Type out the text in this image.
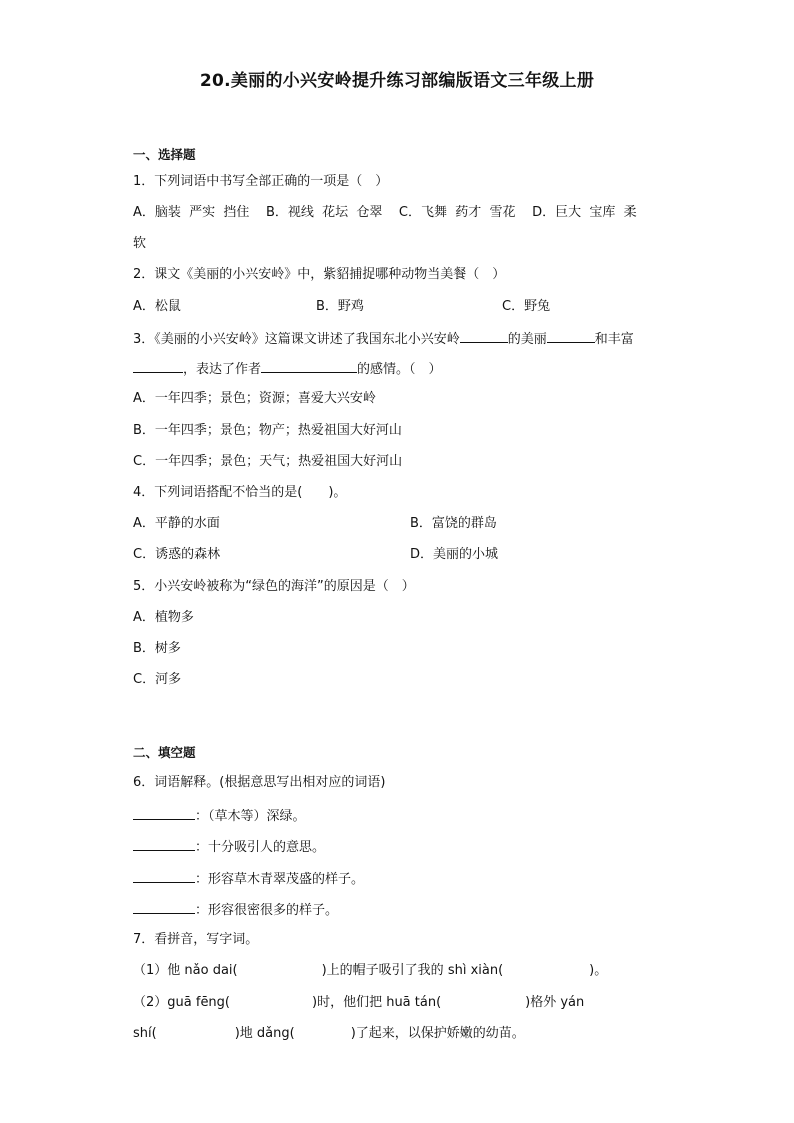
20.美丽的小兴安岭提升练习部编版语文三年级上册
一、选择题
1．下列词语中书写全部正确的一项是（　）
A．脑装  严实  挡住    B．视线  花坛  仓翠    C．飞舞  药才  雪花    D．巨大  宝库  柔
软
2．课文《美丽的小兴安岭》中，紫貂捕捉哪种动物当美餐（　）
A．松鼠	B．野鸡	C．野兔
3．《美丽的小兴安岭》这篇课文讲述了我国东北小兴安岭	的美丽	和丰富
，表达了作者	的感情。（　）
A．一年四季；景色；资源；喜爱大兴安岭
B．一年四季；景色；物产；热爱祖国大好河山
C．一年四季；景色；天气；热爱祖国大好河山
4．下列词语搭配不恰当的是(　　)。
A．平静的水面	B．富饶的群岛
C．诱惑的森林	D．美丽的小城
5．小兴安岭被称为“绿色的海洋”的原因是（　）
A．植物多
B．树多
C．河多
二、填空题
6．词语解释。(根据意思写出相对应的词语)
：（草木等）深绿。
：十分吸引人的意思。
：形容草木青翠茂盛的样子。
：形容很密很多的样子。
7．看拼音，写字词。
（1）他 nǎo dai(	)上的帽子吸引了我的 shì xiàn(	)。
（2）guā fēng(	)时，他们把 huā tán(	)格外 yán
shí(	)地 dǎng(	)了起来，以保护娇嫩的幼苗。
